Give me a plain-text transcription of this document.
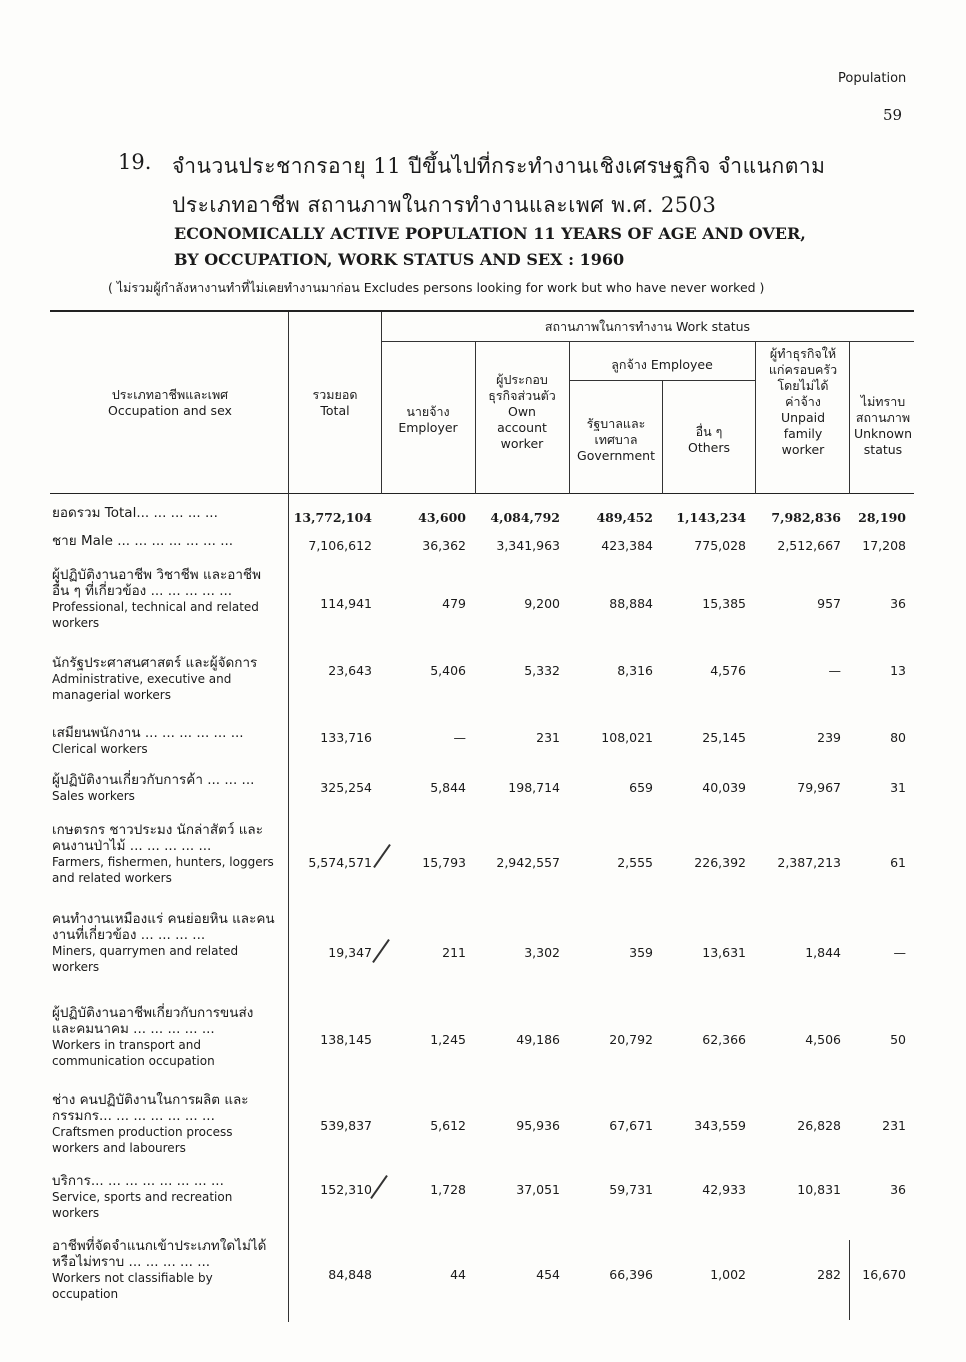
Population
59
19. จำนวนประชากรอายุ 11 ปีขึ้นไปที่กระทำงานเชิงเศรษฐกิจ จำแนกตาม
ประเภทอาชีพ สถานภาพในการทำงานและเพศ พ.ศ. 2503
ECONOMICALLY ACTIVE POPULATION 11 YEARS OF AGE AND OVER,
BY OCCUPATION, WORK STATUS AND SEX : 1960
( ไม่รวมผู้กำลังหางานทำที่ไม่เคยทำงานมาก่อน Excludes persons looking for work but who have never worked )
ประเภทอาชีพและเพศ
Occupation and sex
รวมยอด
Total
สถานภาพในการทำงาน Work status
นายจ้าง
Employer
ผู้ประกอบ
ธุรกิจส่วนตัว
Own
account
worker
ลูกจ้าง Employee
รัฐบาลและ
เทศบาล
Government
อื่น ๆ
Others
ผู้ทำธุรกิจให้
แก่ครอบครัว
โดยไม่ได้
ค่าจ้าง
Unpaid
family
worker
ไม่ทราบ
สถานภาพ
Unknown
status
ยอดรวม Total... ... ... ... ...	13,772,104	43,600	4,084,792	489,452	1,143,234	7,982,836	28,190
ชาย Male ... ... ... ... ... ... ...	7,106,612	36,362	3,341,963	423,384	775,028	2,512,667	17,208
ผู้ปฏิบัติงานอาชีพ วิชาชีพ และอาชีพ อื่น ๆ ที่เกี่ยวข้อง ... ... ... ... ...
Professional, technical and related workers
114,941	479	9,200	88,884	15,385	957	36
นักรัฐประศาสนศาสตร์ และผู้จัดการ
Administrative, executive and managerial workers
23,643	5,406	5,332	8,316	4,576	—	13
เสมียนพนักงาน ... ... ... ... ... ...
Clerical workers
133,716	—	231	108,021	25,145	239	80
ผู้ปฏิบัติงานเกี่ยวกับการค้า ... ... ...
Sales workers
325,254	5,844	198,714	659	40,039	79,967	31
เกษตรกร ชาวประมง นักล่าสัตว์ และ คนงานป่าไม้ ... ... ... ... ...
Farmers, fishermen, hunters, loggers and related workers
5,574,571	15,793	2,942,557	2,555	226,392	2,387,213	61
คนทำงานเหมืองแร่ คนย่อยหิน และคนงานที่เกี่ยวข้อง ... ... ... ...
Miners, quarrymen and related workers
19,347	211	3,302	359	13,631	1,844	—
ผู้ปฏิบัติงานอาชีพเกี่ยวกับการขนส่ง และคมนาคม ... ... ... ... ...
Workers in transport and communication occupation
138,145	1,245	49,186	20,792	62,366	4,506	50
ช่าง คนปฏิบัติงานในการผลิต และ กรรมกร... ... ... ... ... ... ...
Craftsmen production process workers and labourers
539,837	5,612	95,936	67,671	343,559	26,828	231
บริการ... ... ... ... ... ... ... ...
Service, sports and recreation workers
152,310	1,728	37,051	59,731	42,933	10,831	36
อาชีพที่จัดจำแนกเข้าประเภทใดไม่ได้ หรือไม่ทราบ ... ... ... ... ...
Workers not classifiable by occupation
84,848	44	454	66,396	1,002	282	16,670
